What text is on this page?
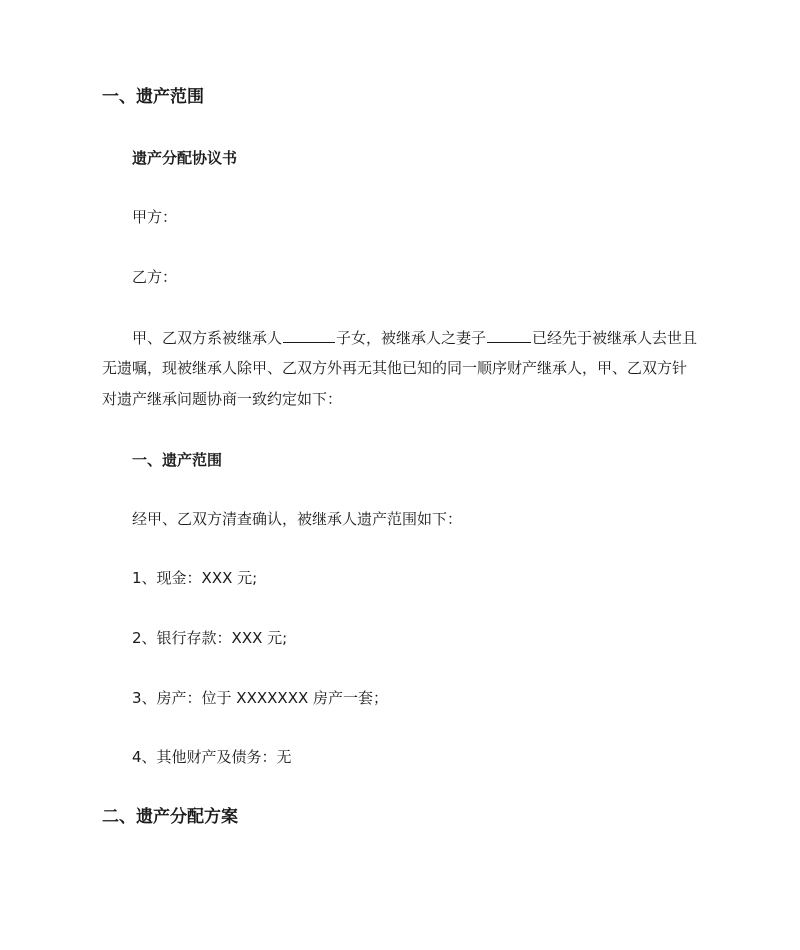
一、遗产范围
遗产分配协议书
甲方：
乙方：
甲、乙双方系被继承人	子女，被继承人之妻子	已经先于被继承人去世且
无遗嘱，现被继承人除甲、乙双方外再无其他已知的同一顺序财产继承人，甲、乙双方针
对遗产继承问题协商一致约定如下：
一、遗产范围
经甲、乙双方清查确认，被继承人遗产范围如下：
1、现金：XXX 元;
2、银行存款：XXX 元;
3、房产：位于 XXXXXXX 房产一套；
4、其他财产及债务：无
二、遗产分配方案
